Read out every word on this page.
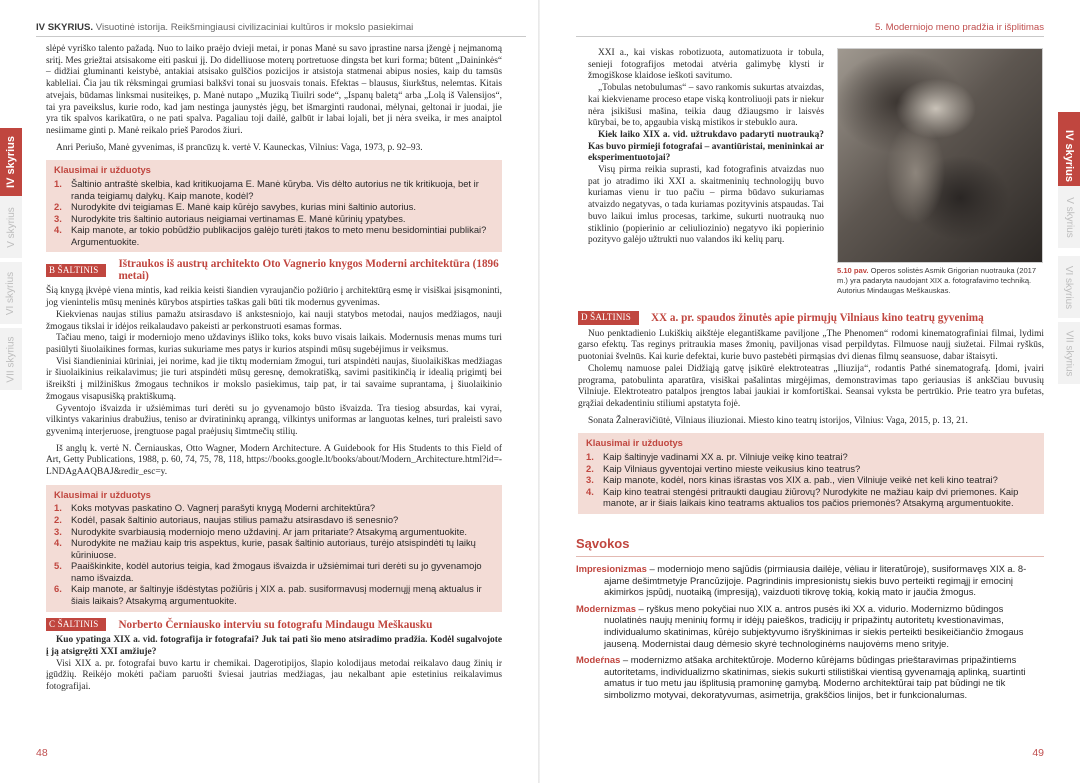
IV SKYRIUS. Visuotinė istorija. Reikšmingiausi civilizaciniai kultūros ir mokslo pasiekimai
IV skyrius
V skyrius
VI skyrius
VII skyrius

slėpė vyriško talento pažadą. Nuo to laiko praėjo dvieji metai, ir ponas Manė su savo įprastine narsa įžengė į neįmanomą sritį. Mes griežtai atsisakome eiti paskui jį. Do didelliuose moterų portretuose dingsta bet kuri forma; būtent „Daininkės“ – didžiai gluminanti keistybė, antakiai atsisako gulščios pozicijos ir atsistoja statmenai abipus nosies, kaip du tamsūs kableliai. Čia jau tik rėksmingai grumiasi balkšvi tonai su juosvais tonais. Efektas – blausus, šiurkštus, nelemtas. Kitais atvejais, būdamas linksmai nusiteikęs, p. Manė nutapo „Muziką Tiuilri sode“, „Ispanų baletą“ arba „Lolą iš Valensijos“, tai yra paveikslus, kurie rodo, kad jam nestinga jaunystės jėgų, bet išmarginti raudonai, mėlynai, geltonai ir juodai, jie yra tik spalvos karikatūra, o ne pati spalva. Pagaliau toji dailė, galbūt ir labai lojali, bet ji nėra sveika, ir mes anaiptol nesiimame ginti p. Manė reikalo prieš Parodos žiuri.

Anri Periušo, Manė gyvenimas, iš prancūzų k. vertė V. Kauneckas, Vilnius: Vaga, 1973, p. 92–93.

Klausimai ir užduotys
1. Šaltinio antraštė skelbia, kad kritikuojama E. Manė kūryba. Vis dėlto autorius ne tik kritikuoja, bet ir randa teigiamų dalykų. Kaip manote, kodėl?
2. Nurodykite dvi teigiamas E. Manė kaip kūrėjo savybes, kurias mini šaltinio autorius.
3. Nurodykite tris šaltinio autoriaus neigiamai vertinamas E. Manė kūrinių ypatybes.
4. Kaip manote, ar tokio pobūdžio publikacijos galėjo turėti įtakos to meto menu besidomintiai publikai? Argumentuokite.
B ŠALTINIS	Ištraukos iš austrų architekto Oto Vagnerio knygos Moderni architektūra (1896 metai)

Šią knygą įkvėpė viena mintis, kad reikia keisti šiandien vyraujančio požiūrio į architektūrą esmę ir visiškai įsisąmoninti, jog vienintelis mūsų meninės kūrybos atspirties taškas gali būti tik modernus gyvenimas.

Kiekvienas naujas stilius pamažu atsirasdavo iš ankstesniojo, kai nauji statybos metodai, naujos medžiagos, nauji žmogaus tikslai ir idėjos reikalaudavo pakeisti ar perkonstruoti esamas formas.

Tačiau meno, taigi ir moderniojo meno uždavinys išliko toks, koks buvo visais laikais. Modernusis menas mums turi pasiūlyti šiuolaikines formas, kurias sukuriame mes patys ir kurios atspindi mūsų sugebėjimus ir veiksmus.

Visi šiandieniniai kūriniai, jei norime, kad jie tiktų moderniam žmogui, turi atspindėti naujas, šiuolaikiškas medžiagas ir šiuolaikinius reikalavimus; jie turi atspindėti mūsų geresnę, demokratišką, savimi pasitikinčią ir idealią prigimtį bei išreikšti į milžiniškus žmogaus technikos ir mokslo pasiekimus, taip pat, ir tai savaime suprantama, į šiuolaikinio žmogaus visapusišką praktiškumą.

Gyventojo išvaizda ir užsiėmimas turi derėti su jo gyvenamojo būsto išvaizda. Tra tiesiog absurdas, kai vyrai, vilkintys vakarinius drabužius, teniso ar dviratininkų aprangą, vilkintys uniformas ar languotas kelnes, turi praleisti savo gyvenimą interjeruose, įrengtuose pagal praėjusių šimtmečių stilių.

Iš anglų k. vertė N. Černiauskas, Otto Wagner, Modern Architecture. A Guidebook for His Students to this Field of Art, Getty Publications, 1988, p. 60, 74, 75, 78, 118, https://books.google.lt/books/about/Modern_Architecture.html?id=-LNDAgAAQBAJ&redir_esc=y.

Klausimai ir užduotys
1. Koks motyvas paskatino O. Vagnerį parašyti knygą Moderni architektūra?
2. Kodėl, pasak šaltinio autoriaus, naujas stilius pamažu atsirasdavo iš senesnio?
3. Nurodykite svarbiausią moderniojo meno uždavinį. Ar jam pritariate? Atsakymą argumentuokite.
4. Nurodykite ne mažiau kaip tris aspektus, kurie, pasak šaltinio autoriaus, turėjo atsispindėti tų laikų kūriniuose.
5. Paaiškinkite, kodėl autorius teigia, kad žmogaus išvaizda ir užsiėmimai turi derėti su jo gyvenamojo namo išvaizda.
6. Kaip manote, ar šaltinyje išdėstytas požiūris į XIX a. pab. susiformavusį modernųjį meną aktualus ir šiais laikais? Atsakymą argumentuokite.
C ŠALTINIS	Norberto Černiausko interviu su fotografu Mindaugu Meškausku

Kuo ypatinga XIX a. vid. fotografija ir fotografai? Juk tai pati šio meno atsiradimo pradžia. Kodėl sugalvojote į ją atsigręžti XXI amžiuje?

Visi XIX a. pr. fotografai buvo kartu ir chemikai. Dagerotipijos, šlapio kolodijaus metodai reikalavo daug žinių ir įgūdžių. Reikėjo mokėti pačiam paruošti šviesai jautrias medžiagas, jau nekalbant apie estetinius reikalavimus fotografijai.

48
5. Moderniojo meno pradžia ir išplitimas
IV skyrius
V skyrius
VI skyrius
VII skyrius

XXI a., kai viskas robotizuota, automatizuota ir tobula, senieji fotografijos metodai atvėria galimybę klysti ir žmogiškose klaidose ieškoti savitumo.

„Tobulas netobulumas“ – savo rankomis sukurtas atvaizdas, kai kiekviename proceso etape viską kontroliuoji pats ir niekur nėra įsikišusi mašina, teikia daug džiaugsmo ir laisvės kūrybai, be to, apgaubia viską mistikos ir stebuklo aura.

Kiek laiko XIX a. vid. užtrukdavo padaryti nuotrauką? Kas buvo pirmieji fotografai – avantiūristai, menininkai ar eksperimentuotojai?

Visų pirma reikia suprasti, kad fotografinis atvaizdas nuo pat jo atradimo iki XXI a. skaitmeninių technologijų buvo kuriamas vienu ir tuo pačiu – pirma būdavo sukuriamas atvaizdo negatyvas, o tada kuriamas pozityvinis atspaudas. Tai buvo laikui imlus procesas, tarkime, sukurti nuotrauką nuo stiklinio (popierinio ar celiuliozinio) negatyvo iki popierinio pozityvo galėjo užtrukti nuo valandos iki kelių parų.

5.10 pav. Operos solistės Asmik Grigorian nuotrauka (2017 m.) yra padaryta naudojant XIX a. fotografavimo techniką. Autorius Mindaugas Meškauskas.
D ŠALTINIS	XX a. pr. spaudos žinutės apie pirmųjų Vilniaus kino teatrų gyvenimą

Nuo penktadienio Lukiškių aikštėje elegantiškame paviljone „The Phenomen“ rodomi kinematografiniai filmai, lydimi garso efektų. Tas reginys pritraukia mases žmonių, paviljonas visad perpildytas. Filmuose naujį siužetai. Filmai ryškūs, puotoniai švelnūs. Kai kurie defektai, kurie buvo pastebėti pirmąsias dvi dienas filmų seansuose, dabar ištaisyti.

Cholemų namuose palei Didžiąją gatvę įsikūrė elektroteatras „Iliuzija“, rodantis Pathé sinematografą. Įdomi, įvairi programa, patobulinta aparatūra, visiškai pašalintas mirgėjimas, demonstravimas tapo geriausias iš ankščiau buvusių Vilniuje. Elektroteatro patalpos įrengtos labai jaukiai ir komfortiškai. Seansai vyksta be pertrūkio. Prie teatro yra bufetas, grąžiai dekadentiniu stiliumi apstatyta fojė.

Sonata Žalneravičiūtė, Vilniaus iliuzionai. Miesto kino teatrų istorijos, Vilnius: Vaga, 2015, p. 13, 21.

Klausimai ir užduotys
1. Kaip šaltinyje vadinami XX a. pr. Vilniuje veikę kino teatrai?
2. Kaip Vilniaus gyventojai vertino mieste veikusius kino teatrus?
3. Kaip manote, kodėl, nors kinas išrastas vos XIX a. pab., vien Vilniuje veikė net keli kino teatrai?
4. Kaip kino teatrai stengėsi pritraukti daugiau žiūrovų? Nurodykite ne mažiau kaip dvi priemones. Kaip manote, ar ir šiais laikais kino teatrams aktualios tos pačios priemonės? Atsakymą argumentuokite.
Sąvokos
Impresionizmas – moderniojo meno sąjūdis (pirmiausia dailėje, vėliau ir literatūroje), susiformavęs XIX a. 8-ajame dešimtmetyje Prancūzijoje. Pagrindinis impresionistų siekis buvo perteikti regimąjį ir emocinį akimirkos įspūdį, nuotaiką (impresiją), vaizduoti tikrovę tokią, kokią mato ir jaučia žmogus.
Modernizmas – ryškus meno pokyčiai nuo XIX a. antros pusės iki XX a. vidurio. Modernizmo būdingos nuolatinės naujų meninių formų ir idėjų paieškos, tradicijų ir pripažintų autoritetų kvestionavimas, individualumo skatinimas, kūrėjo subjektyvumo išryškinimas ir siekis perteikti besikeičiančio žmogaus jauseną. Modernistai daug dėmesio skyrė technologinėms naujovėms meno srityje.
Modeŕnas – modernizmo atšaka architektūroje. Moderno kūrėjams būdingas prieštaravimas pripažintiems autoritetams, individualizmo skatinimas, siekis sukurti stilistiškai vientisą gyvenamąją aplinką, suartinti amatus ir tuo metu jau išplitusią pramoninę gamybą. Moderno architektūrai taip pat būdingi ne tik simbolizmo motyvai, dekoratyvumas, asimetrija, grakščios linijos, bet ir funkcionalumas.
49
